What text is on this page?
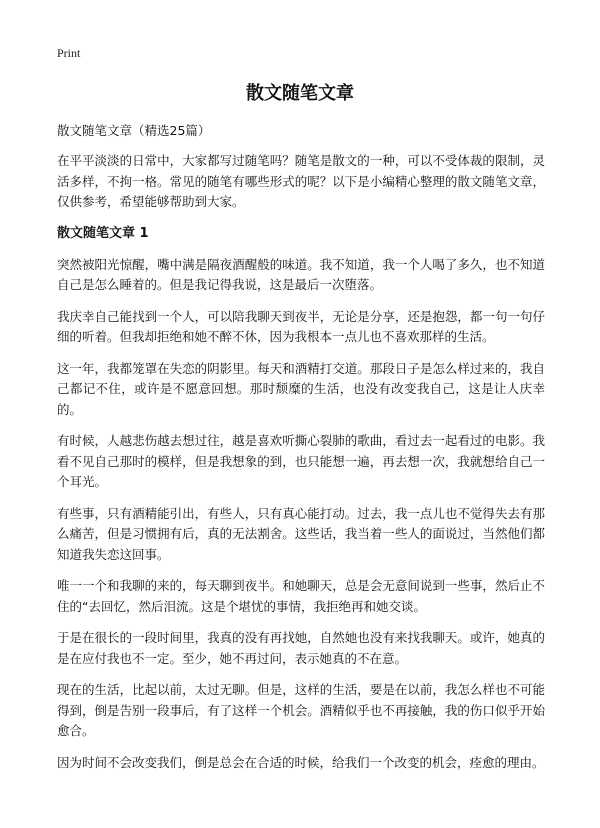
Print
散文随笔文章

散文随笔文章（精选25篇）

在平平淡淡的日常中，大家都写过随笔吗？随笔是散文的一种，可以不受体裁的限制，灵活多样，不拘一格。常见的随笔有哪些形式的呢？以下是小编精心整理的散文随笔文章，仅供参考，希望能够帮助到大家。

散文随笔文章 1

突然被阳光惊醒，嘴中满是隔夜酒醒般的味道。我不知道，我一个人喝了多久，也不知道自己是怎么睡着的。但是我记得我说，这是最后一次堕落。

我庆幸自己能找到一个人，可以陪我聊天到夜半，无论是分享，还是抱怨，都一句一句仔细的听着。但我却拒绝和她不醉不休，因为我根本一点儿也不喜欢那样的生活。

这一年，我都笼罩在失恋的阴影里。每天和酒精打交道。那段日子是怎么样过来的，我自己都记不住，或许是不愿意回想。那时颓糜的生活，也没有改变我自己，这是让人庆幸的。

有时候，人越悲伤越去想过往，越是喜欢听撕心裂肺的歌曲，看过去一起看过的电影。我看不见自己那时的模样，但是我想象的到，也只能想一遍，再去想一次，我就想给自己一个耳光。

有些事，只有酒精能引出，有些人，只有真心能打动。过去，我一点儿也不觉得失去有那么痛苦，但是习惯拥有后，真的无法割舍。这些话，我当着一些人的面说过，当然他们都知道我失恋这回事。

唯一一个和我聊的来的，每天聊到夜半。和她聊天，总是会无意间说到一些事，然后止不住的“去回忆，然后泪流。这是个堪忧的事情，我拒绝再和她交谈。

于是在很长的一段时间里，我真的没有再找她，自然她也没有来找我聊天。或许，她真的是在应付我也不一定。至少，她不再过问，表示她真的不在意。

现在的生活，比起以前，太过无聊。但是，这样的生活，要是在以前，我怎么样也不可能得到，倒是告别一段事后，有了这样一个机会。酒精似乎也不再接触，我的伤口似乎开始愈合。

因为时间不会改变我们，倒是总会在合适的时候，给我们一个改变的机会，痊愈的理由。
